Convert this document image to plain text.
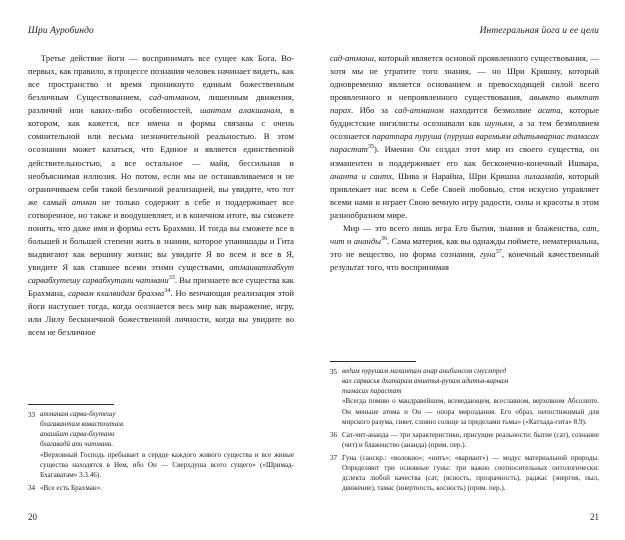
Шри Ауробиндо

Третье действие йоги — воспринимать все сущее как Бога. Во-первых, как правило, в процессе познания человек начинает видеть, как все пространство и время проникнуто единым божественным безличным Существованием, сад-атманом, лишенным движения, различий или каких-либо особенностей, шантам алакшанам, в котором, как кажется, все имена и формы связаны с очень сомнительной или весьма незначительной реальностью. В этом осознании может казаться, что Единое и является единственной действительностью, а все остальное — майя, бессильная и необъяснимая иллюзия. Но потом, если мы не останавливаемся и не ограничиваем себя такой безличной реализацией, вы увидите, что тот же самый атман не только содержит в себе и поддерживает все сотворенное, но также и воодушевляет, и в конечном итоге, вы сможете понять, что даже имя и формы есть Брахман. И тогда вы сможете все в большей и большей степени жить в знании, которое упанишады и Гита выдвигают как вершину жизни; вы увидите Я во всем и все в Я, увидите Я как ставшее всеми этими существами, атмаиватхабхут сарвабхутешу сарвабхутани чатмани$^{33}$. Вы признаете все существа как Брахмана, сарвам кхалвидам брахма$^{34}$. Но венчающая реализация этой йоги наступает тогда, когда осознается весь мир как выражение, игру, или Лилу бесконечной божественной личности, когда вы увидите во всем не безличное

33 атманам сарва-бхутешу
бхагавантам вавастхитам.
апашйат сарва-бхутани
бхагавадй апи чатмани.
«Верховный Господь пребывает в сердце каждого живого существа и все живые существа находятся в Нем, ибо Он — Сверхдуша всего сущего» («Шримад-Бхагаватам» 3.3.46).
34 «Все есть Брахман».
20
Интегральная йога и ее цели

сад-атмана, который является основой проявленного существования, — хотя мы не утратите того знания, — но Шри Кришну, который одновременно является основанием и превосходящей силой всего проявленного и непроявленного существования, авьякто вьяктат парах. Ибо за сад-атманом находится безмолвие асата, которые буддистские нигилисты осознавали как шуньям, а за тем безмолвием осознается паратпара пуруша (пуруша варемьям адитьяварнас тамасах парастат$^{35}$). Именно Он создал этот мир из своего существа, он изманентен и поддерживает его как бесконечно-конечный Ишвара, ананта и сантх, Шива и Нарайна, Шри Кришна лилаамайя, который привлекает нас всем к Себе Своей любовью, стоя искусно управляет всеми нами и играет Свою вечную игру радости, силы и красоты в этом разнообразном мире.

Мир — это всего лишь игра Его бытия, знания и блаженства, сат, чит и ананды$^{36}$. Сама материя, как вы однажды поймете, нематериальна, это не вещество, но форма сознания, гуна$^{37}$, конечный качественный результат того, что воспринимая

35 ведам пурушам махантам анар анибимсом смусмпред
вах сарвасья дхатарам ачинтья-рупам адитья-варнам
тамасах парастат
«Всегда помню о мандравейшем, всеведающем, всеславном, верховном Абсолюте. Он меньше атома и Он — опора мироздания. Его образ, непостижимый для мирского разума, сияет, словно солнце за пределами тьмы» («Катхада-гита» 8.9).
36 Сат-чит-ананда — три характеристики, присущие реальности: бытие (сат), сознание (чит) и блаженство (ананда) (прим. пер.).
37 Гуна (санскр.: «волокно»; «нить»; «вариант») — модус материальной природы. Определяют три основные гуны: три важно соотносительных онтологически: дслекта любой качества (сат, (ясность, прозрачность), раджас (энергия, пыл, движение), тамас (инертность, косность) (прим. пер.).
21
